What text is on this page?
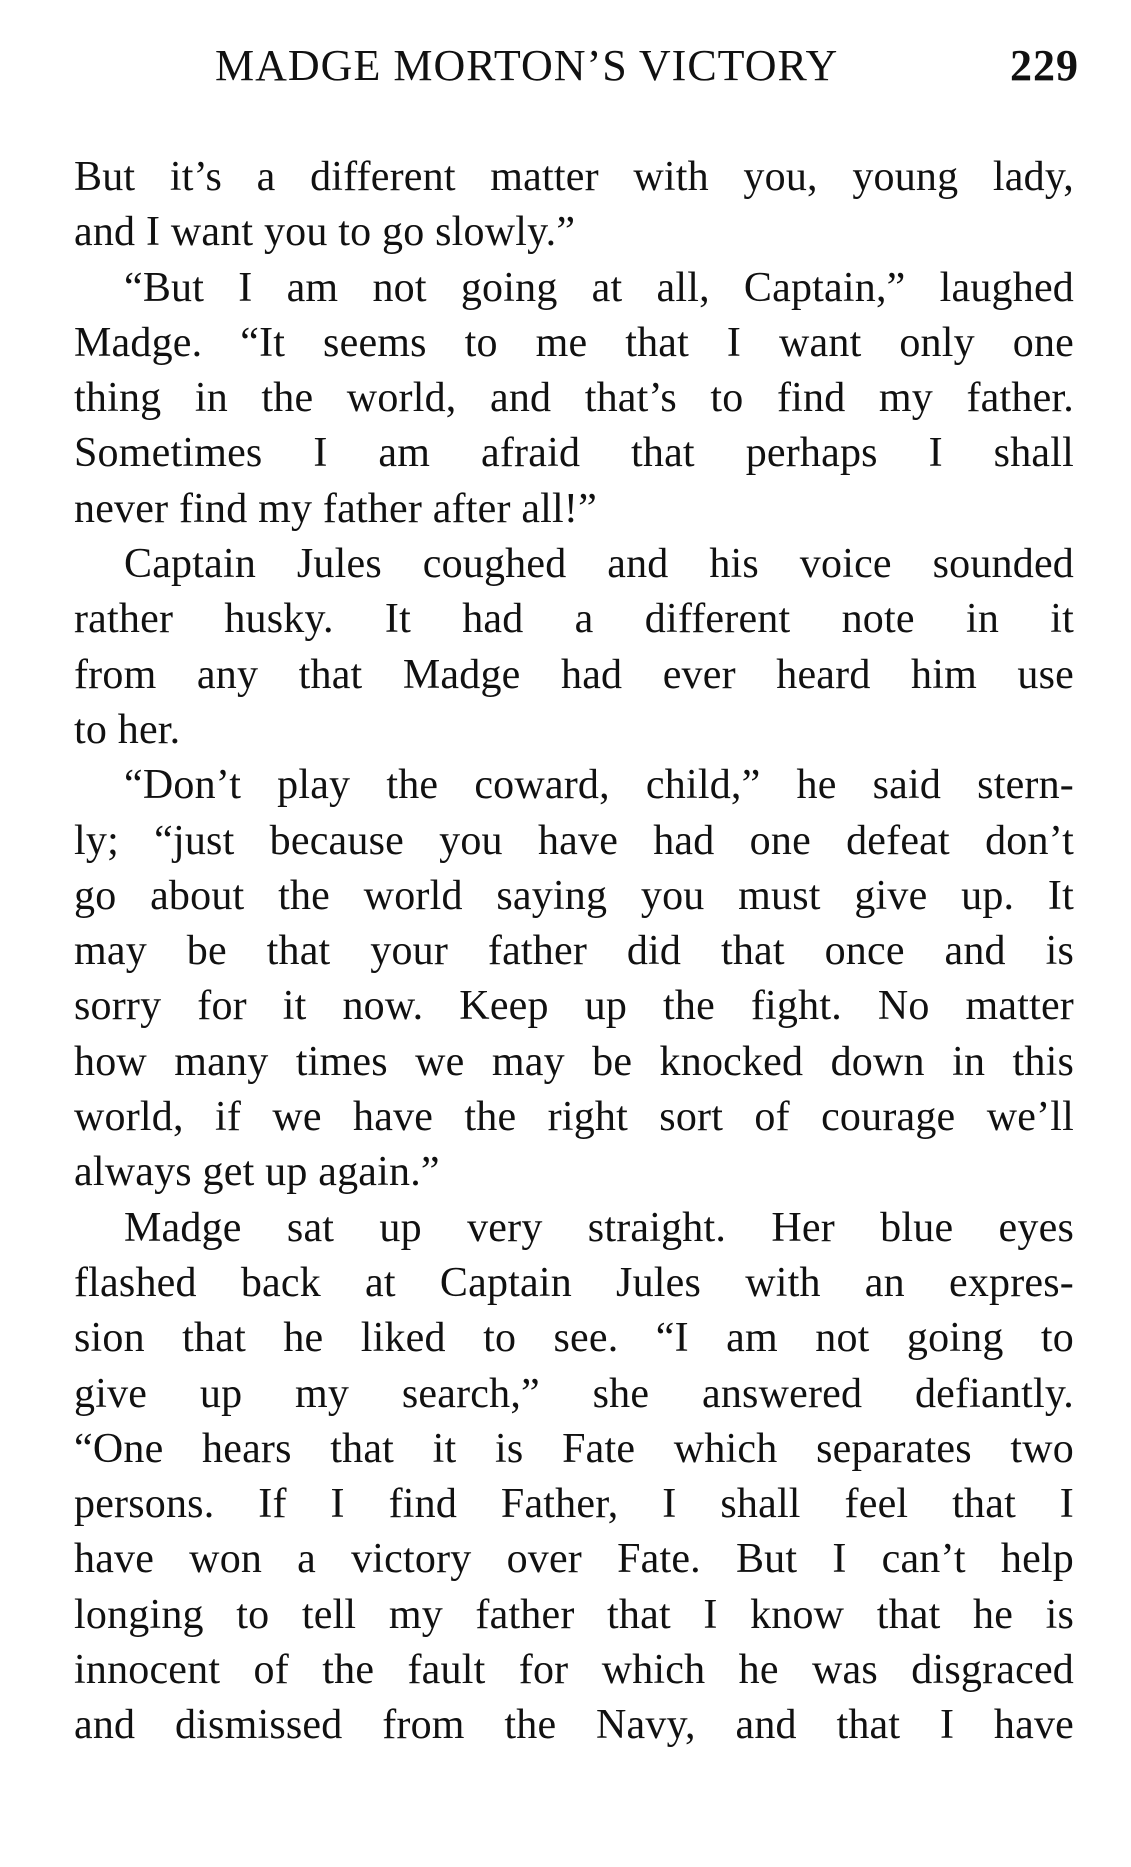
MADGE MORTON’S VICTORY	229
But it’s a different matter with you, young lady,
and I want you to go slowly.”
“But I am not going at all, Captain,” laughed
Madge. “It seems to me that I want only one
thing in the world, and that’s to find my father.
Sometimes I am afraid that perhaps I shall
never find my father after all!”
Captain Jules coughed and his voice sounded
rather husky. It had a different note in it
from any that Madge had ever heard him use
to her.
“Don’t play the coward, child,” he said stern-
ly; “just because you have had one defeat don’t
go about the world saying you must give up. It
may be that your father did that once and is
sorry for it now. Keep up the fight. No matter
how many times we may be knocked down in this
world, if we have the right sort of courage we’ll
always get up again.”
Madge sat up very straight. Her blue eyes
flashed back at Captain Jules with an expres-
sion that he liked to see. “I am not going to
give up my search,” she answered defiantly.
“One hears that it is Fate which separates two
persons. If I find Father, I shall feel that I
have won a victory over Fate. But I can’t help
longing to tell my father that I know that he is
innocent of the fault for which he was disgraced
and dismissed from the Navy, and that I have
